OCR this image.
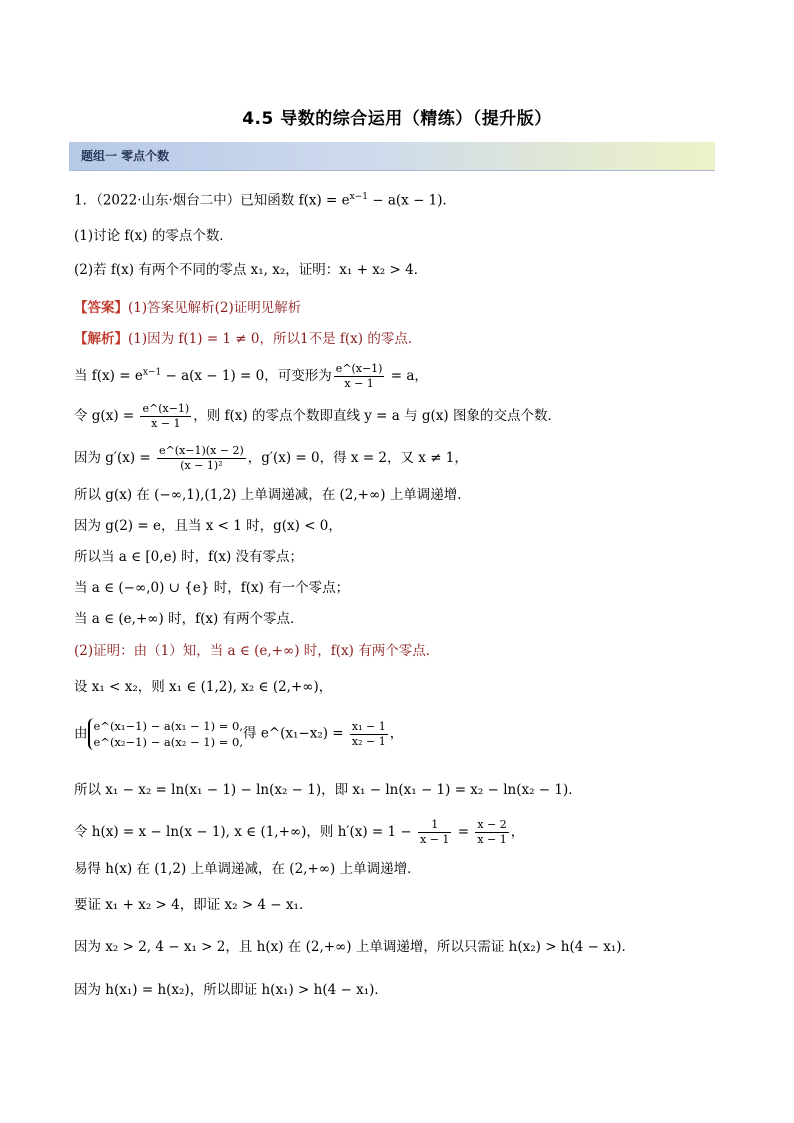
4.5 导数的综合运用（精练）（提升版）
题组一 零点个数
1．（2022·山东·烟台二中）已知函数 $f(x) = e^{x-1} - a(x - 1)$．
(1)讨论 f(x) 的零点个数．
(2)若 f(x) 有两个不同的零点 x₁, x₂，证明：x₁ + x₂ > 4．
【答案】(1)答案见解析(2)证明见解析
【解析】(1)因为 f(1) = 1 ≠ 0，所以1不是 f(x) 的零点．
当 $f(x) = e^{x-1} - a(x - 1) = 0$，可变形为 $\frac{e\^{}(x-1)}{x - 1} = a$，
令 $g(x) = \frac{e\^{}(x-1)}{x - 1}$ ，则 f(x) 的零点个数即直线 y = a 与 g(x) 图象的交点个数．
因为 $g'(x) = \frac{e\^{}(x-1)(x - 2)}{\text{(x − 1)²}}$ ，g′(x) = 0，得 x = 2，又 x ≠ 1，
所以 g(x) 在 (−∞,1),(1,2) 上单调递减，在 (2,+∞) 上单调递增．
因为 g(2) = e，且当 x < 1 时，g(x) < 0，
所以当 a ∈ [0,e) 时，f(x) 没有零点；
当 a ∈ (−∞,0) ∪ {e} 时，f(x) 有一个零点；
当 a ∈ (e,+∞) 时，f(x) 有两个零点．
(2)证明：由（1）知，当 a ∈ (e,+∞) 时，f(x) 有两个零点．
设 x₁ < x₂，则 x₁ ∈ (1,2), x₂ ∈ (2,+∞)，
由 e^(x₁−1) − a(x₁ − 1) = 0,
e^(x₂−1) − a(x₂ − 1) = 0,
得 e^(x₁−x₂) = $\frac{\text{x₁ − 1}}{\text{x₂ − 1}}$ ，
所以 x₁ − x₂ = ln(x₁ − 1) − ln(x₂ − 1)，即 x₁ − ln(x₁ − 1) = x₂ − ln(x₂ − 1)．
令 h(x) = x − ln(x − 1), x ∈ (1,+∞)，则 $h'(x) = 1 - \frac{1}{x - 1} = \frac{x - 2}{x - 1}$ ，
易得 h(x) 在 (1,2) 上单调递减，在 (2,+∞) 上单调递增．
要证 x₁ + x₂ > 4，即证 x₂ > 4 − x₁．
因为 x₂ > 2, 4 − x₁ > 2，且 h(x) 在 (2,+∞) 上单调递增，所以只需证 h(x₂) > h(4 − x₁)．
因为 h(x₁) = h(x₂)，所以即证 h(x₁) > h(4 − x₁)．
